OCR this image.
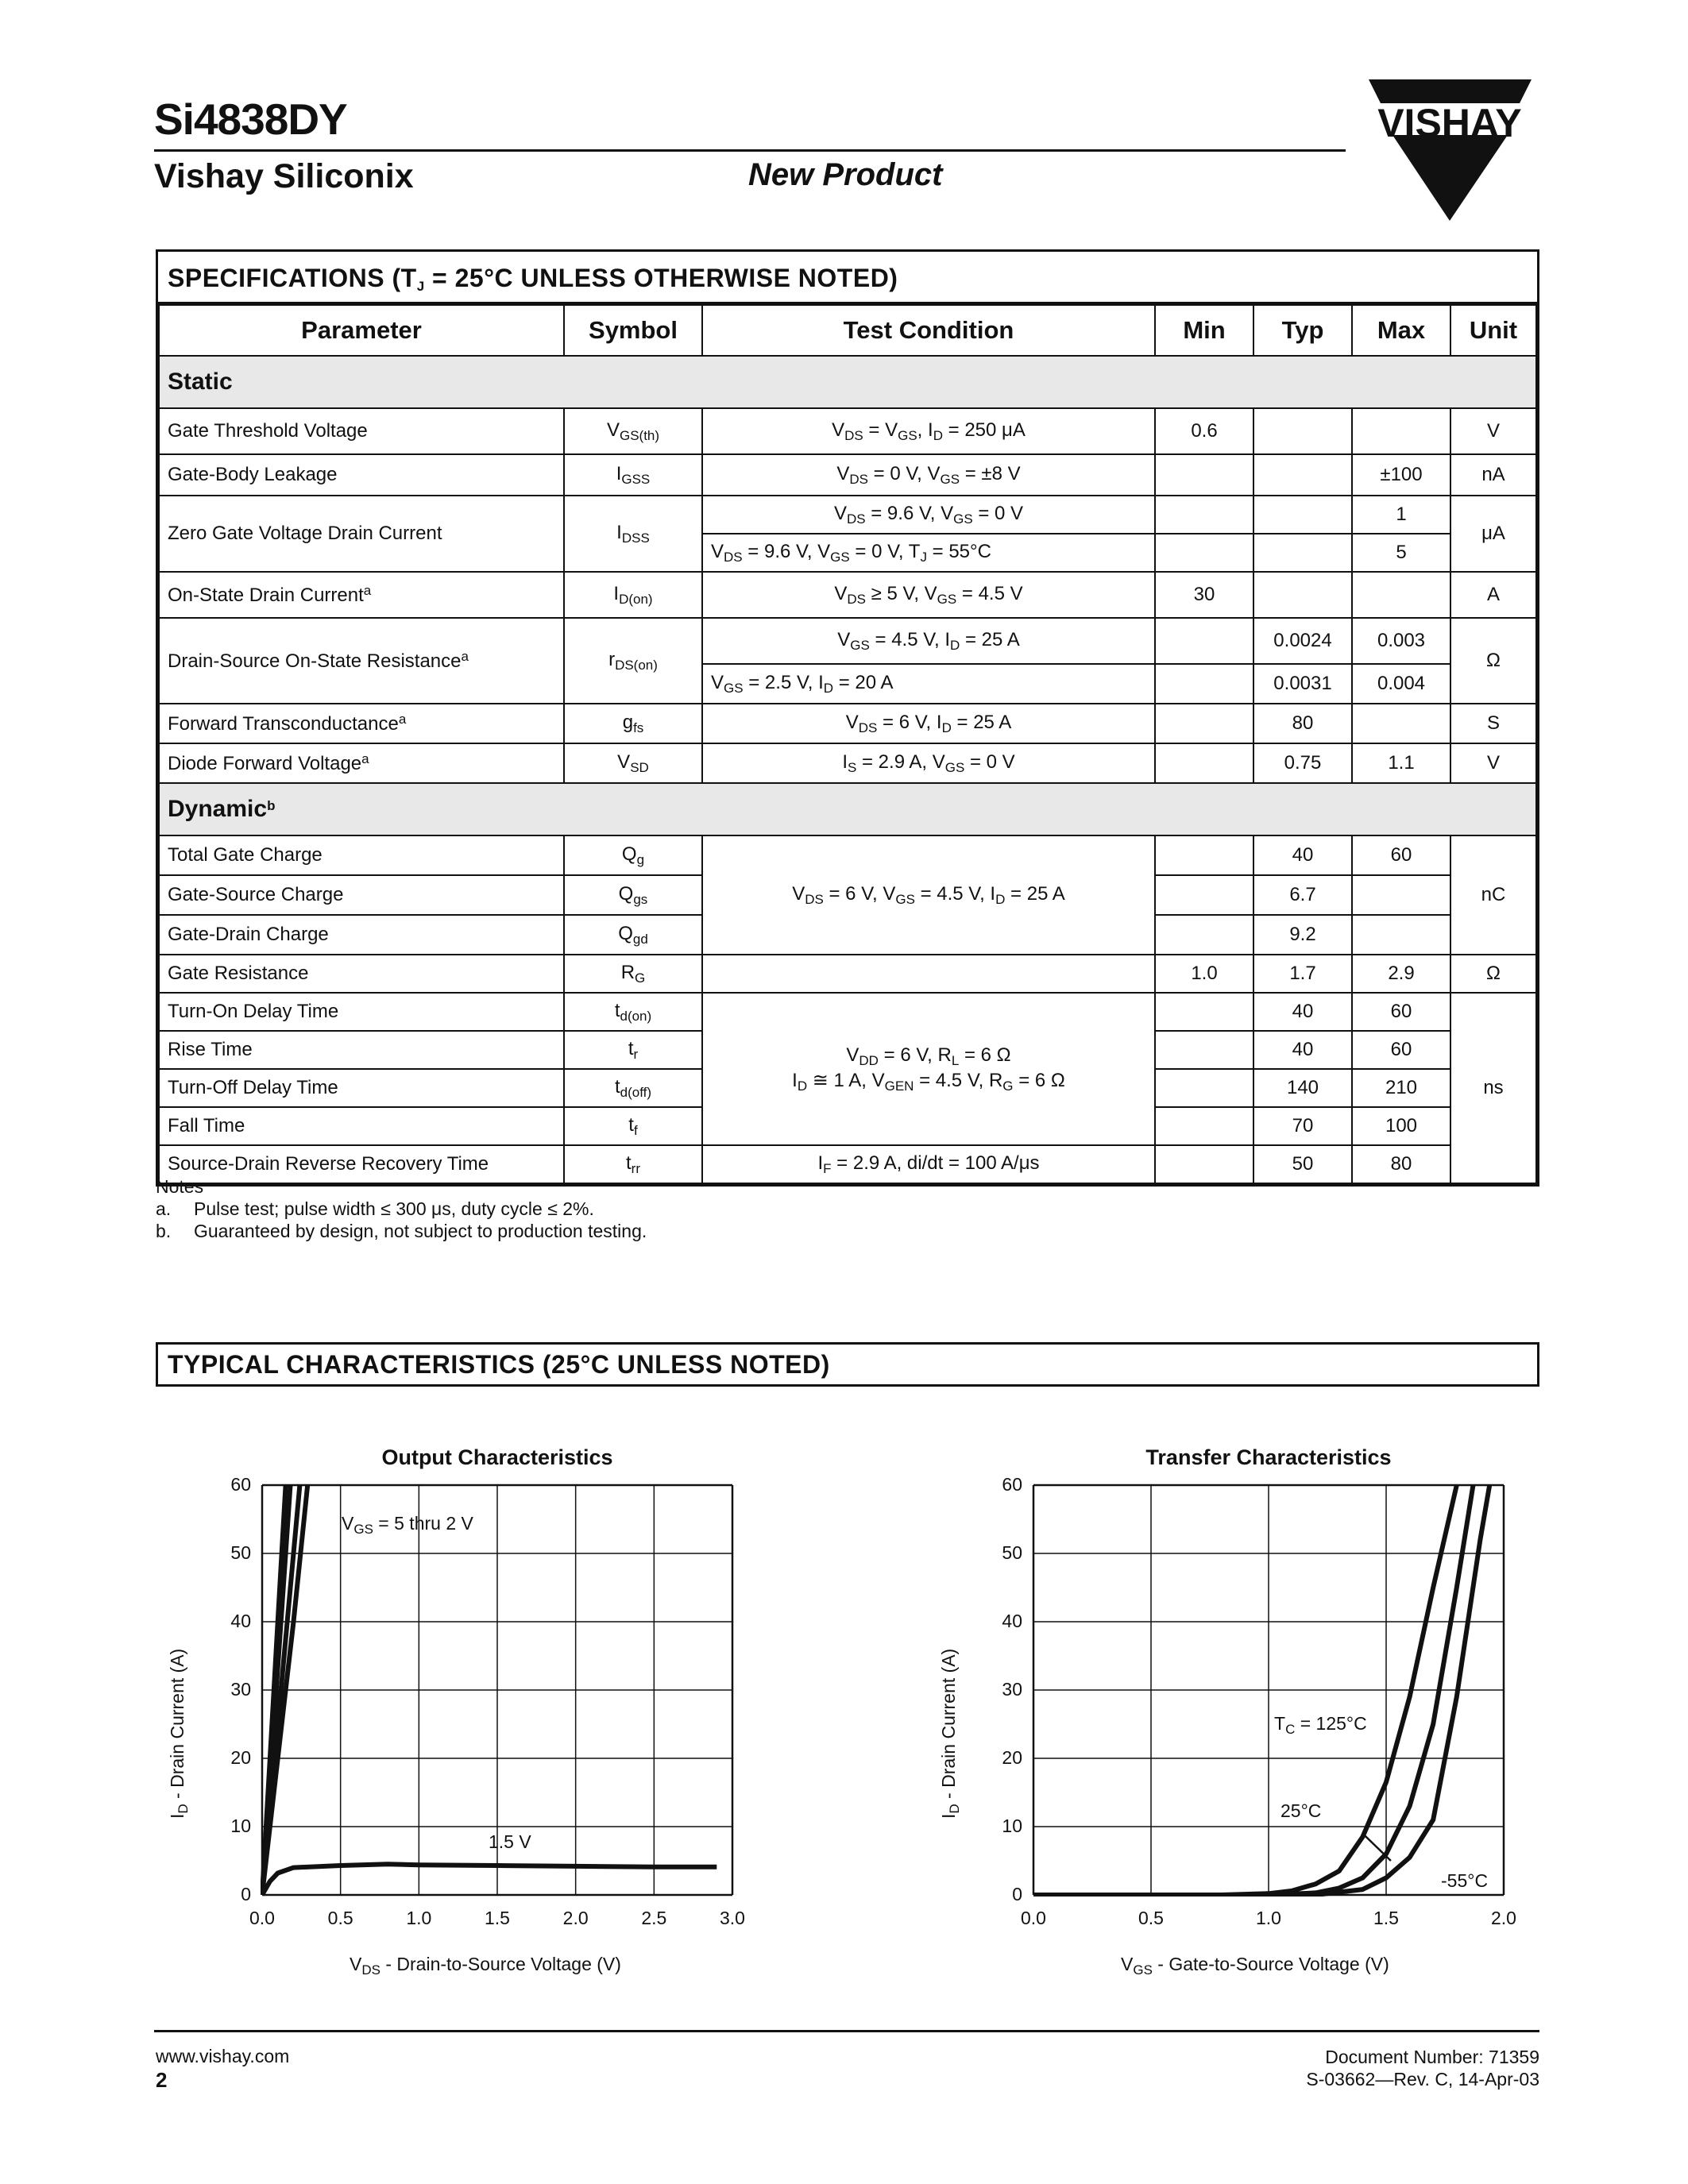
Si4838DY
Vishay Siliconix	New Product
VISHAY
SPECIFICATIONS ($T_J = 25^\circ C$ UNLESS OTHERWISE NOTED)
Parameter	Symbol	Test Condition	Min	Typ	Max	Unit
Static						
Gate Threshold Voltage	$V_{GS(th)}$	$V_{DS} = V_{GS}$, $I_D = 250$ μA	0.6			V
Gate-Body Leakage	$I_{GSS}$	$V_{DS} = 0$ V, $V_{GS} = \pm 8$ V			±100	nA
Zero Gate Voltage Drain Current	$I_{DSS}$	$V_{DS} = 9.6$ V, $V_{GS} = 0$ V			1	μA
		$V_{DS} = 9.6$ V, $V_{GS} = 0$ V, $T_J = 55^\circ C$			5	
On-State Drain Current$^a$	$I_{D(on)}$	$V_{DS} \ge 5$ V, $V_{GS} = 4.5$ V	30			A
Drain-Source On-State Resistance$^a$	$r_{DS(on)}$	$V_{GS} = 4.5$ V, $I_D = 25$ A		0.0024	0.003	Ω
		$V_{GS} = 2.5$ V, $I_D = 20$ A		0.0031	0.004	
Forward Transconductance$^a$	$g_{fs}$	$V_{DS} = 6$ V, $I_D = 25$ A		80		S
Diode Forward Voltage$^a$	$V_{SD}$	$I_S = 2.9$ A, $V_{GS} = 0$ V		0.75	1.1	V
Dynamic$^b$
Total Gate Charge	$Q_g$	$V_{DS} = 6$ V, $V_{GS} = 4.5$ V, $I_D = 25$ A		40	60	nC
Gate-Source Charge	$Q_{gs}$			6.7		
Gate-Drain Charge	$Q_{gd}$			9.2		
Gate Resistance	$R_G$		1.0	1.7	2.9	Ω
Turn-On Delay Time	$t_{d(on)}$	$V_{DD} = 6$ V, $R_L = 6$ Ω
$I_D$ ≅ 1 A, $V_{GEN} = 4.5$ V, $R_G = 6$ Ω		40	60	ns
Rise Time	$t_r$			40	60	
Turn-Off Delay Time	$t_{d(off)}$			140	210	
Fall Time	$t_f$			70	100	
Source-Drain Reverse Recovery Time	$t_{rr}$	$I_F = 2.9$ A, di/dt = 100 A/μs		50	80	
Notes
a. Pulse test; pulse width ≤ 300 μs, duty cycle ≤ 2%.
b. Guaranteed by design, not subject to production testing.
TYPICAL CHARACTERISTICS (25°C UNLESS NOTED)
Output Characteristics
0.0	0.5	1.0	1.5	2.0	2.5	3.0
0
10
20
30
40
50
60
$V_{DS}$ - Drain-to-Source Voltage (V)
$I_D$ - Drain Current (A)
$V_{GS} = 5$ thru 2 V
1.5 V
Transfer Characteristics
0.0	0.5	1.0	1.5	2.0
0
10
20
30
40
50
60
$V_{GS}$ - Gate-to-Source Voltage (V)
$I_D$ - Drain Current (A)	$T_C = 125^\circ C$
25°C
-55°C
www.vishay.com
2
Document Number: 71359
S-03662—Rev. C, 14-Apr-03
